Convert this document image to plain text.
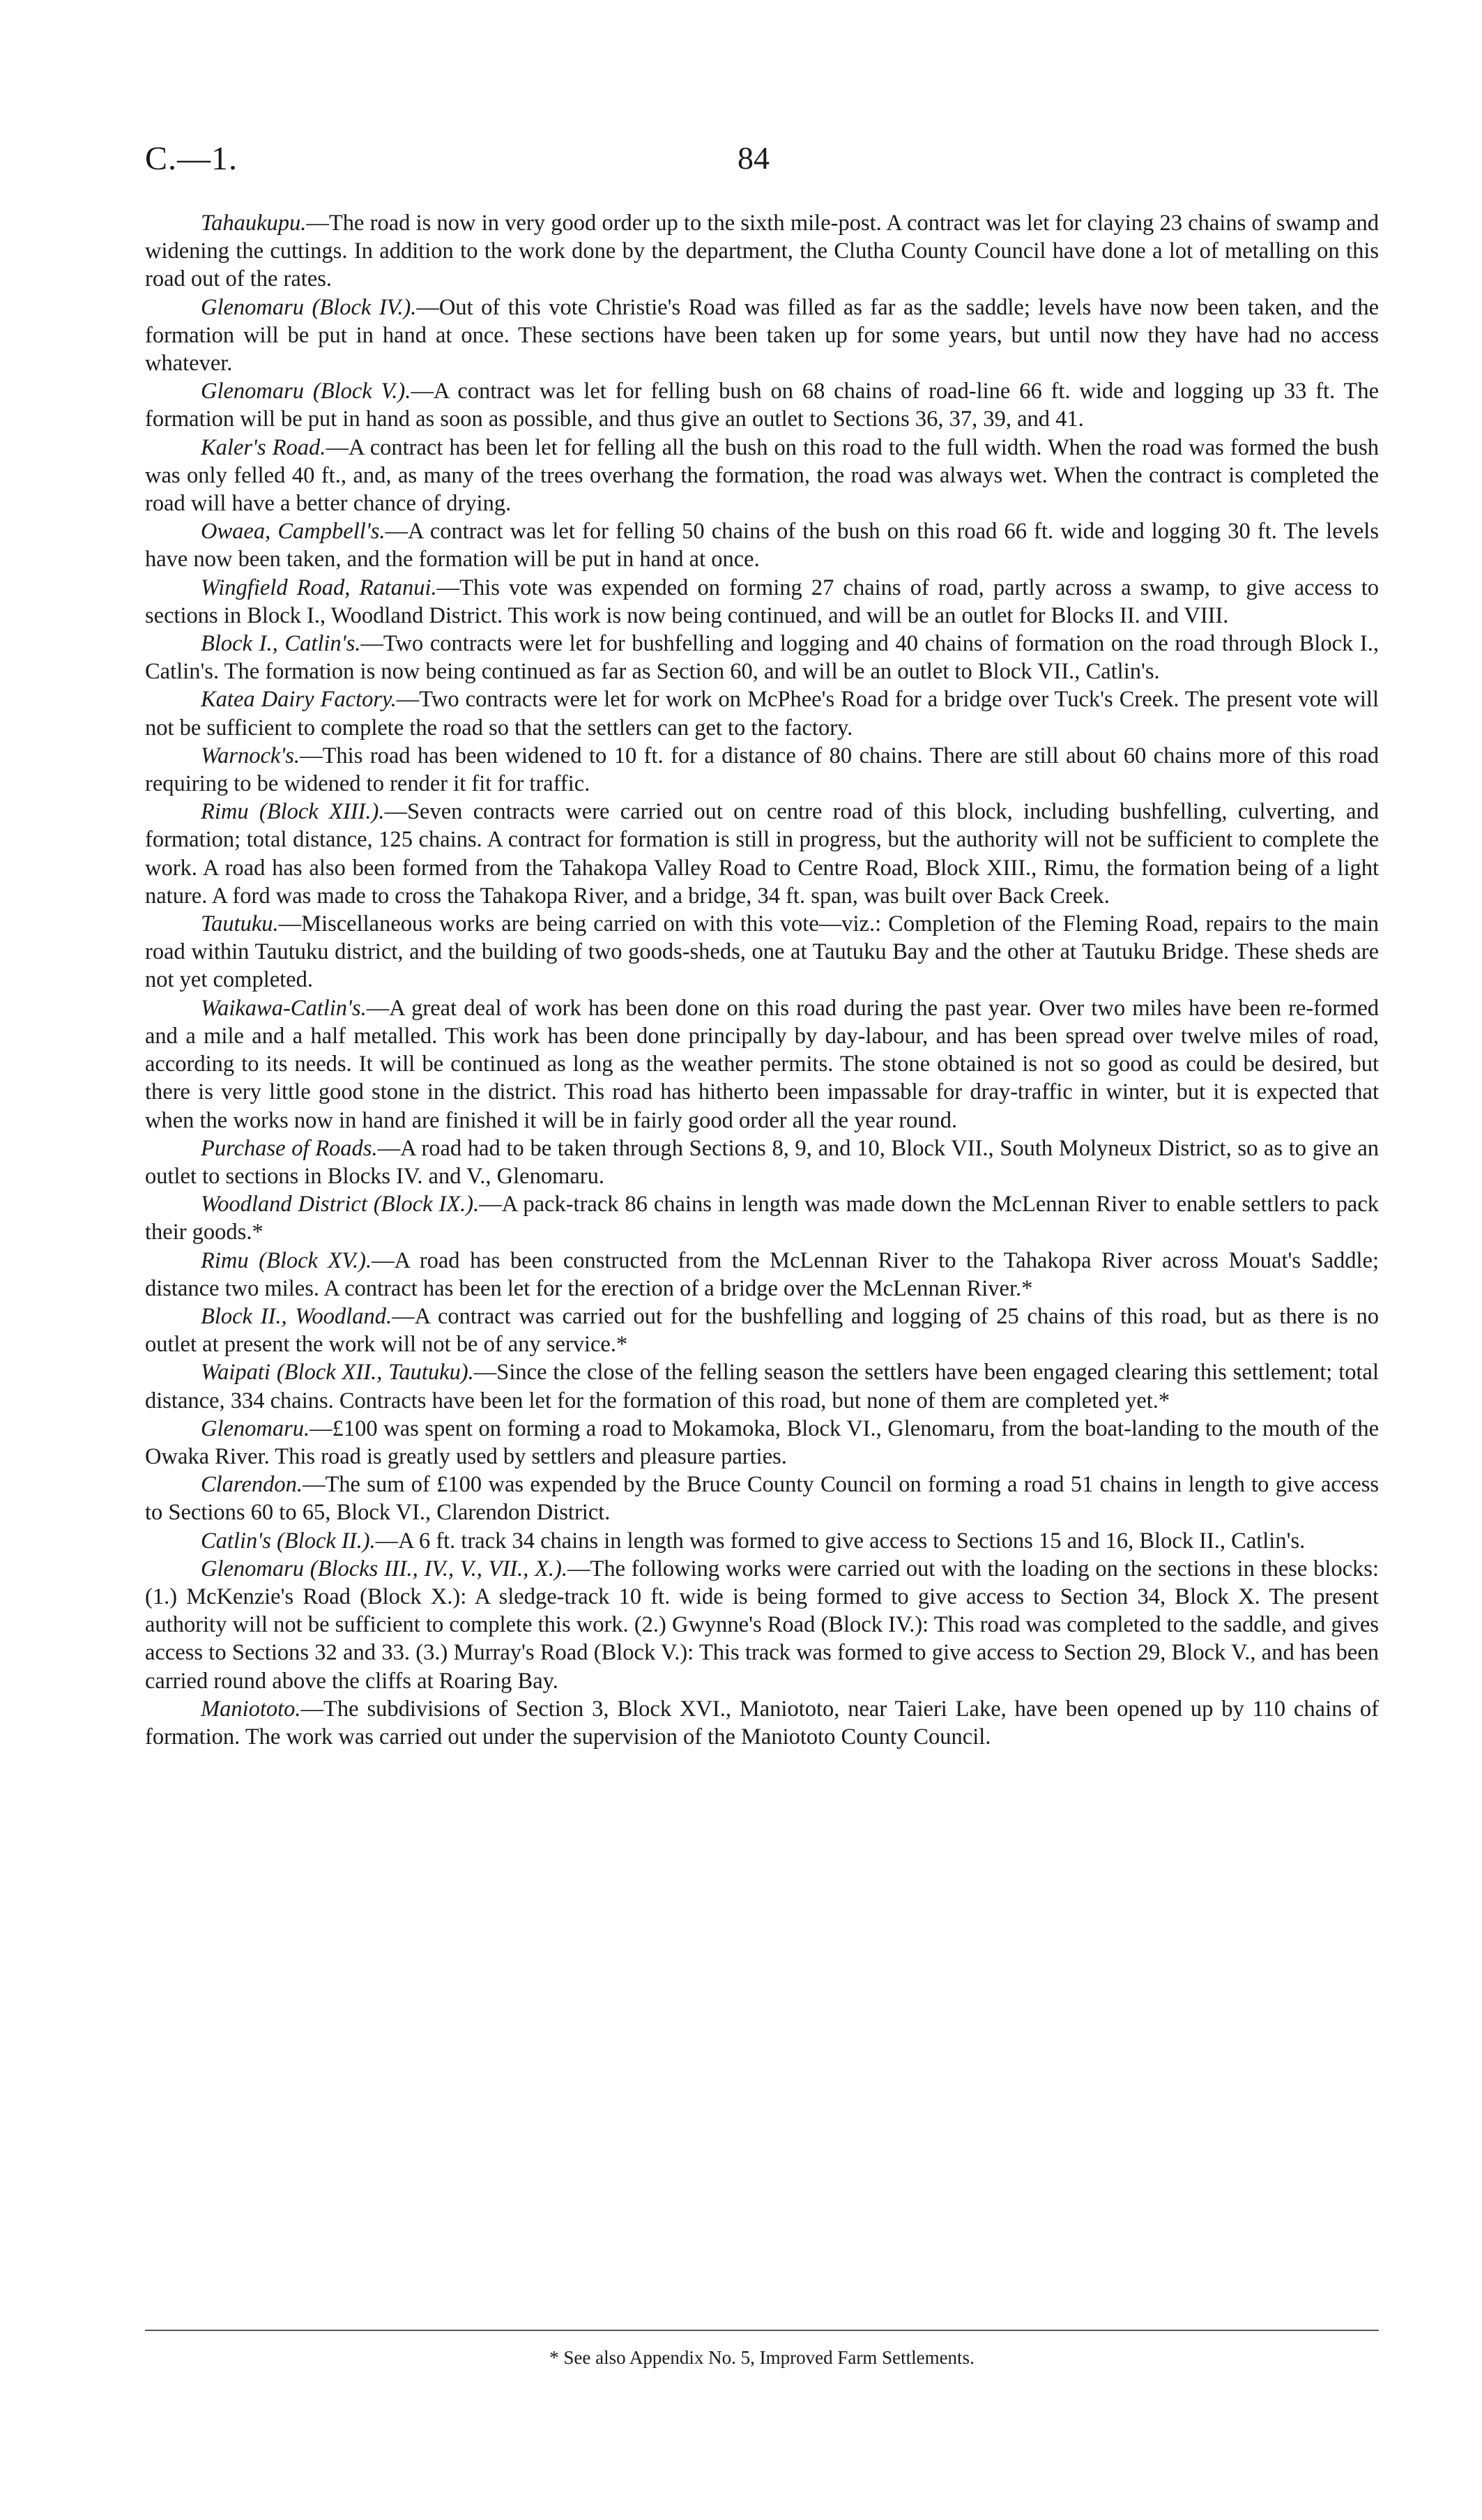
C.—1.	84

Tahaukupu.—The road is now in very good order up to the sixth mile-post. A contract was let for claying 23 chains of swamp and widening the cuttings. In addition to the work done by the department, the Clutha County Council have done a lot of metalling on this road out of the rates.

Glenomaru (Block IV.).—Out of this vote Christie's Road was filled as far as the saddle; levels have now been taken, and the formation will be put in hand at once. These sections have been taken up for some years, but until now they have had no access whatever.

Glenomaru (Block V.).—A contract was let for felling bush on 68 chains of road-line 66 ft. wide and logging up 33 ft. The formation will be put in hand as soon as possible, and thus give an outlet to Sections 36, 37, 39, and 41.

Kaler's Road.—A contract has been let for felling all the bush on this road to the full width. When the road was formed the bush was only felled 40 ft., and, as many of the trees overhang the formation, the road was always wet. When the contract is completed the road will have a better chance of drying.

Owaea, Campbell's.—A contract was let for felling 50 chains of the bush on this road 66 ft. wide and logging 30 ft. The levels have now been taken, and the formation will be put in hand at once.

Wingfield Road, Ratanui.—This vote was expended on forming 27 chains of road, partly across a swamp, to give access to sections in Block I., Woodland District. This work is now being continued, and will be an outlet for Blocks II. and VIII.

Block I., Catlin's.—Two contracts were let for bushfelling and logging and 40 chains of formation on the road through Block I., Catlin's. The formation is now being continued as far as Section 60, and will be an outlet to Block VII., Catlin's.

Katea Dairy Factory.—Two contracts were let for work on McPhee's Road for a bridge over Tuck's Creek. The present vote will not be sufficient to complete the road so that the settlers can get to the factory.

Warnock's.—This road has been widened to 10 ft. for a distance of 80 chains. There are still about 60 chains more of this road requiring to be widened to render it fit for traffic.

Rimu (Block XIII.).—Seven contracts were carried out on centre road of this block, including bushfelling, culverting, and formation; total distance, 125 chains. A contract for formation is still in progress, but the authority will not be sufficient to complete the work. A road has also been formed from the Tahakopa Valley Road to Centre Road, Block XIII., Rimu, the formation being of a light nature. A ford was made to cross the Tahakopa River, and a bridge, 34 ft. span, was built over Back Creek.

Tautuku.—Miscellaneous works are being carried on with this vote—viz.: Completion of the Fleming Road, repairs to the main road within Tautuku district, and the building of two goods-sheds, one at Tautuku Bay and the other at Tautuku Bridge. These sheds are not yet completed.

Waikawa-Catlin's.—A great deal of work has been done on this road during the past year. Over two miles have been re-formed and a mile and a half metalled. This work has been done principally by day-labour, and has been spread over twelve miles of road, according to its needs. It will be continued as long as the weather permits. The stone obtained is not so good as could be desired, but there is very little good stone in the district. This road has hitherto been impassable for dray-traffic in winter, but it is expected that when the works now in hand are finished it will be in fairly good order all the year round.

Purchase of Roads.—A road had to be taken through Sections 8, 9, and 10, Block VII., South Molyneux District, so as to give an outlet to sections in Blocks IV. and V., Glenomaru.

Woodland District (Block IX.).—A pack-track 86 chains in length was made down the McLennan River to enable settlers to pack their goods.*

Rimu (Block XV.).—A road has been constructed from the McLennan River to the Tahakopa River across Mouat's Saddle; distance two miles. A contract has been let for the erection of a bridge over the McLennan River.*

Block II., Woodland.—A contract was carried out for the bushfelling and logging of 25 chains of this road, but as there is no outlet at present the work will not be of any service.*

Waipati (Block XII., Tautuku).—Since the close of the felling season the settlers have been engaged clearing this settlement; total distance, 334 chains. Contracts have been let for the formation of this road, but none of them are completed yet.*

Glenomaru.—£100 was spent on forming a road to Mokamoka, Block VI., Glenomaru, from the boat-landing to the mouth of the Owaka River. This road is greatly used by settlers and pleasure parties.

Clarendon.—The sum of £100 was expended by the Bruce County Council on forming a road 51 chains in length to give access to Sections 60 to 65, Block VI., Clarendon District.

Catlin's (Block II.).—A 6 ft. track 34 chains in length was formed to give access to Sections 15 and 16, Block II., Catlin's.

Glenomaru (Blocks III., IV., V., VII., X.).—The following works were carried out with the loading on the sections in these blocks: (1.) McKenzie's Road (Block X.): A sledge-track 10 ft. wide is being formed to give access to Section 34, Block X. The present authority will not be sufficient to complete this work. (2.) Gwynne's Road (Block IV.): This road was completed to the saddle, and gives access to Sections 32 and 33. (3.) Murray's Road (Block V.): This track was formed to give access to Section 29, Block V., and has been carried round above the cliffs at Roaring Bay.

Maniototo.—The subdivisions of Section 3, Block XVI., Maniototo, near Taieri Lake, have been opened up by 110 chains of formation. The work was carried out under the supervision of the Maniototo County Council.

* See also Appendix No. 5, Improved Farm Settlements.
